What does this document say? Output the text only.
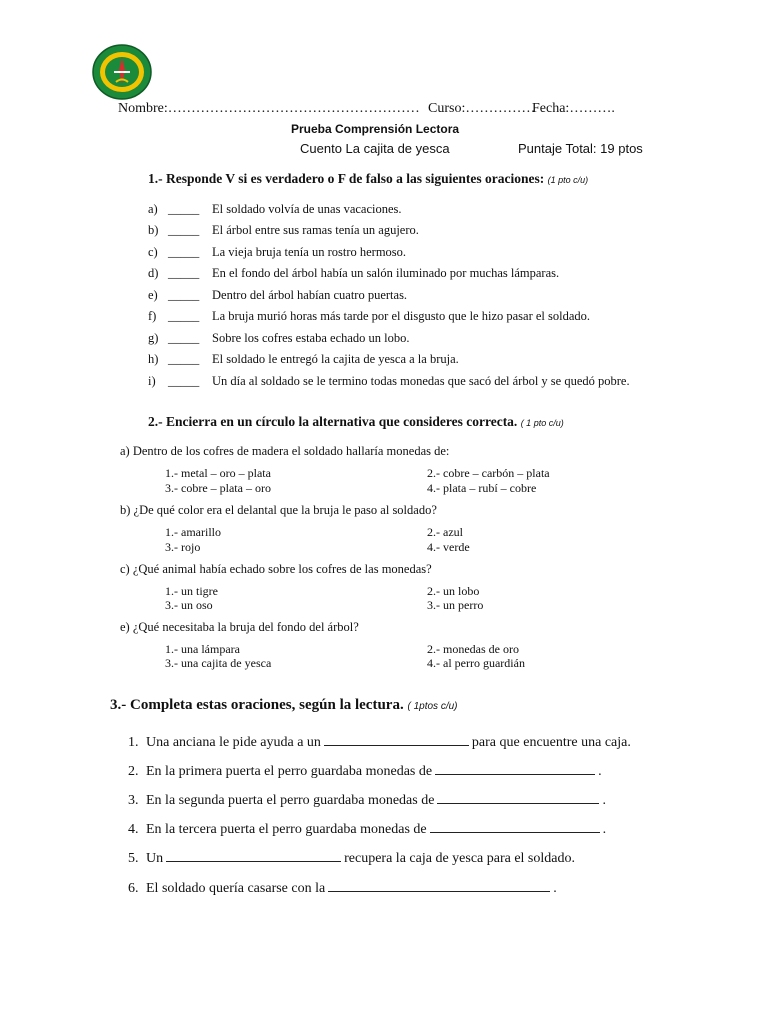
Nombre:……………………………………………… Curso:……………
Fecha:……….
Prueba Comprensión Lectora
Cuento La cajita de yesca	Puntaje Total: 19 ptos
1.- Responde V si es verdadero o F de falso a las siguientes oraciones: (1 pto c/u)
a) _____ El soldado volvía de unas vacaciones.
b) _____ El árbol entre sus ramas tenía un agujero.
c) _____ La vieja bruja tenía un rostro hermoso.
d) _____ En el fondo del árbol había un salón iluminado por muchas lámparas.
e) _____ Dentro del árbol habían cuatro puertas.
f) _____ La bruja murió horas más tarde por el disgusto que le hizo pasar el soldado.
g) _____ Sobre los cofres estaba echado un lobo.
h) _____ El soldado le entregó la cajita de yesca a la bruja.
i) _____ Un día al soldado se le termino todas monedas que sacó del árbol y se quedó pobre.
2.- Encierra en un círculo la alternativa que consideres correcta. ( 1 pto c/u)
a) Dentro de los cofres de madera el soldado hallaría monedas de:
1.- metal – oro – plata	2.- cobre – carbón – plata
3.- cobre – plata – oro	4.- plata – rubí – cobre
b) ¿De qué color era el delantal que la bruja le paso al soldado?
1.- amarillo	2.- azul
3.- rojo	4.- verde
c) ¿Qué animal había echado sobre los cofres de las monedas?
1.- un tigre	2.- un lobo
3.- un oso	3.- un perro
e) ¿Qué necesitaba la bruja del fondo del árbol?
1.- una lámpara	2.- monedas de oro
3.- una cajita de yesca	4.- al perro guardián
3.- Completa estas oraciones, según la lectura. ( 1ptos c/u)
1. Una anciana le pide ayuda a un	para que encuentre una caja.
2. En la primera puerta el perro guardaba monedas de	.
3. En la segunda puerta el perro guardaba monedas de	.
4. En la tercera puerta el perro guardaba monedas de	.
5. Un	recupera la caja de yesca para el soldado.
6. El soldado quería casarse con la	.
